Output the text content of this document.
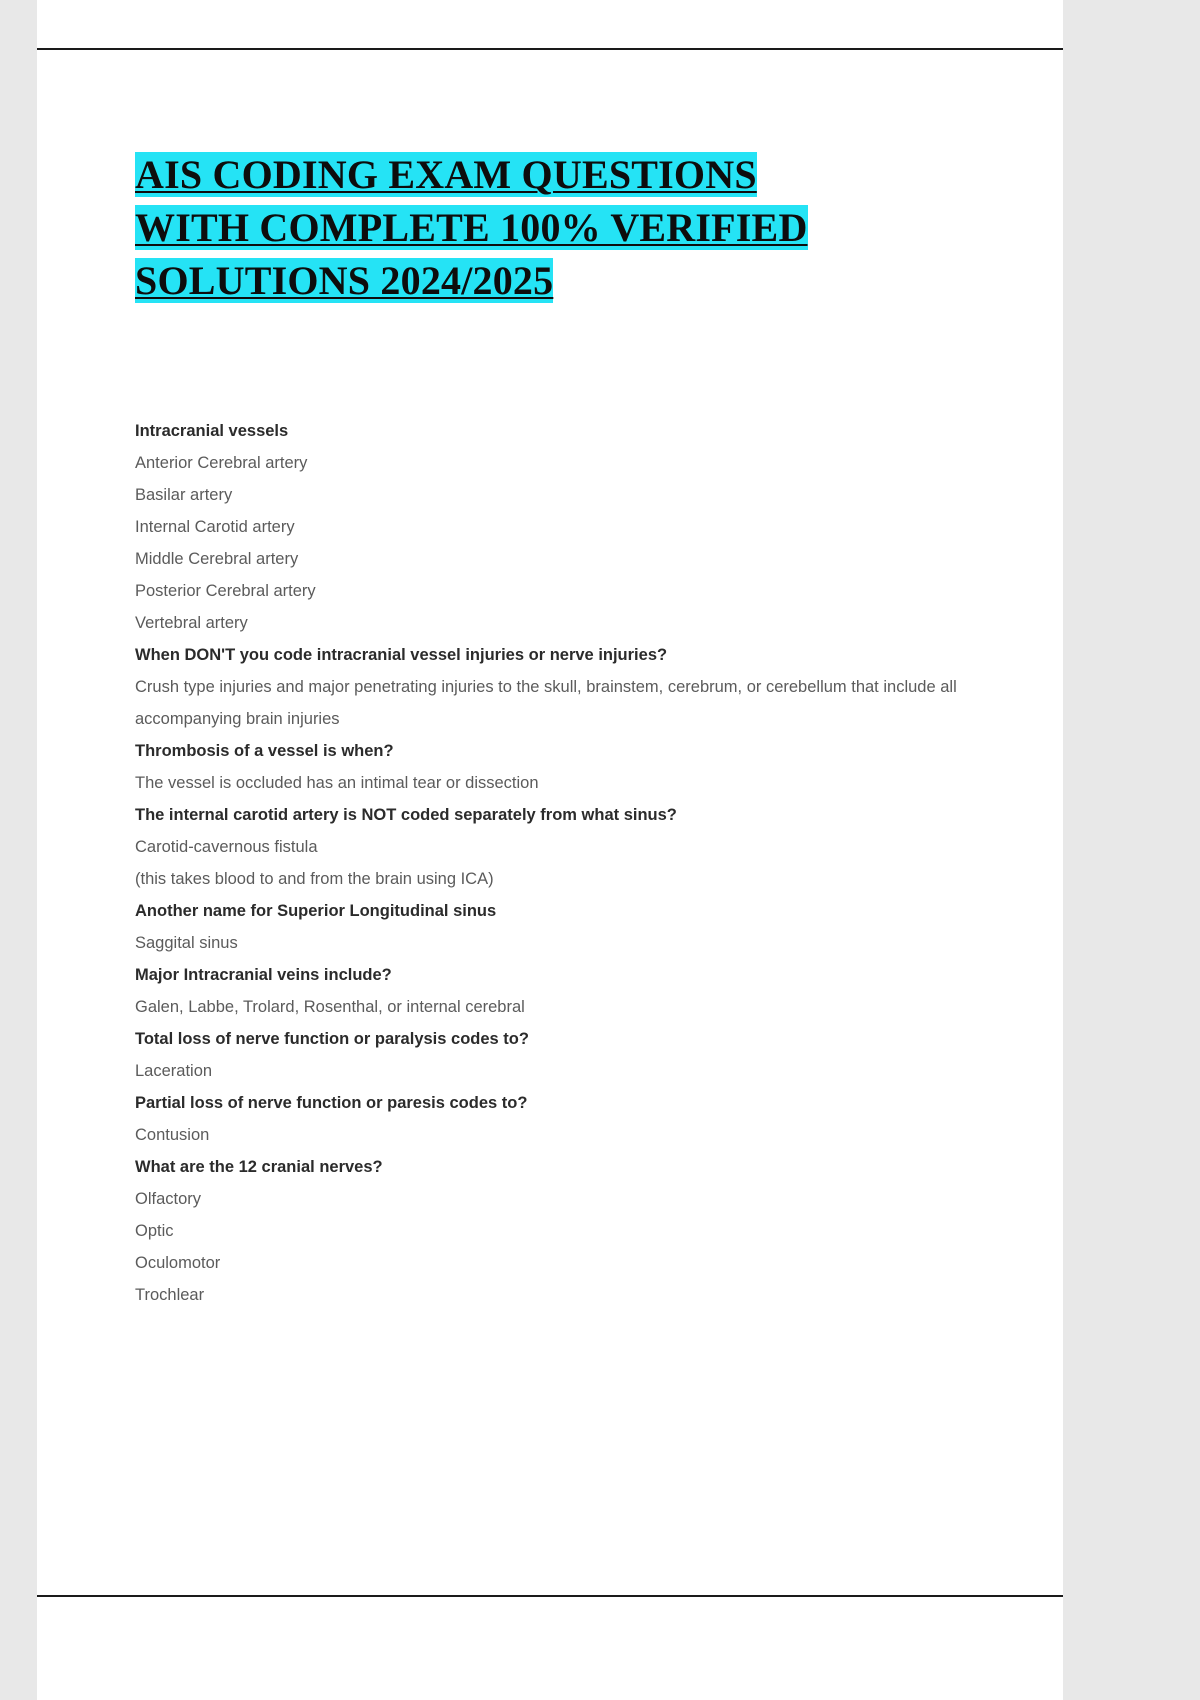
AIS CODING EXAM QUESTIONS
WITH COMPLETE 100% VERIFIED
SOLUTIONS 2024/2025

Intracranial vessels

Anterior Cerebral artery

Basilar artery

Internal Carotid artery

Middle Cerebral artery

Posterior Cerebral artery

Vertebral artery

When DON'T you code intracranial vessel injuries or nerve injuries?

Crush type injuries and major penetrating injuries to the skull, brainstem, cerebrum, or cerebellum that include all accompanying brain injuries

Thrombosis of a vessel is when?

The vessel is occluded has an intimal tear or dissection

The internal carotid artery is NOT coded separately from what sinus?

Carotid-cavernous fistula

(this takes blood to and from the brain using ICA)

Another name for Superior Longitudinal sinus

Saggital sinus

Major Intracranial veins include?

Galen, Labbe, Trolard, Rosenthal, or internal cerebral

Total loss of nerve function or paralysis codes to?

Laceration

Partial loss of nerve function or paresis codes to?

Contusion

What are the 12 cranial nerves?

Olfactory

Optic

Oculomotor

Trochlear
